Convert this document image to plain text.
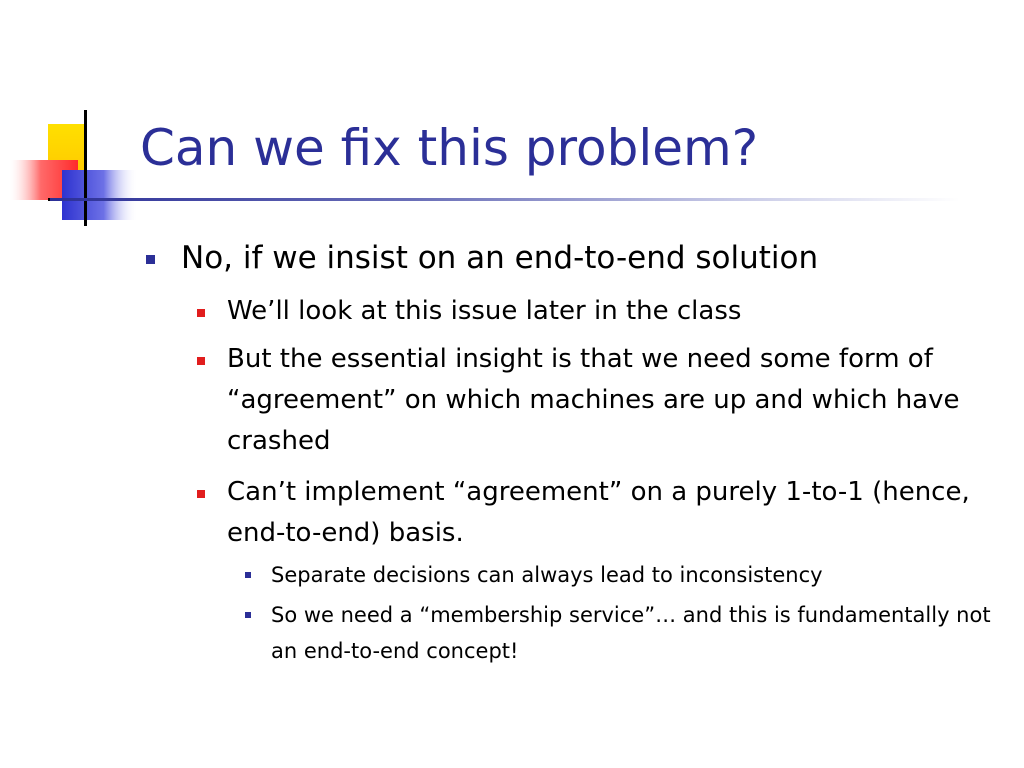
Can we fix this problem?
No, if we insist on an end-to-end solution
We’ll look at this issue later in the class
But the essential insight is that we need some form of “agreement” on which machines are up and which have crashed
Can’t implement “agreement” on a purely 1-to-1 (hence, end-to-end) basis.
Separate decisions can always lead to inconsistency
So we need a “membership service”… and this is fundamentally not an end-to-end concept!
